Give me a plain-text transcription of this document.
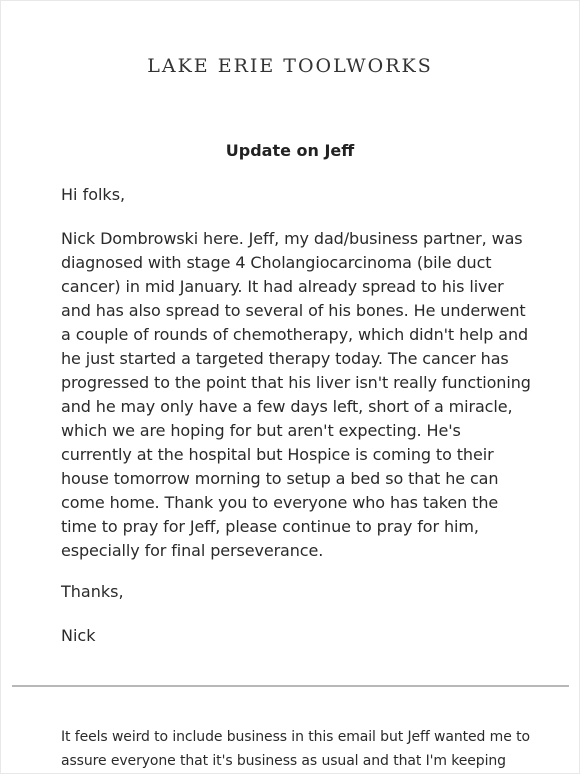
LAKE ERIE TOOLWORKS
Update on Jeff

Hi folks,

Nick Dombrowski here. Jeff, my dad/business partner, was diagnosed with stage 4 Cholangiocarcinoma (bile duct cancer) in mid January. It had already spread to his liver and has also spread to several of his bones. He underwent a couple of rounds of chemotherapy, which didn't help and he just started a targeted therapy today. The cancer has progressed to the point that his liver isn't really functioning and he may only have a few days left, short of a miracle, which we are hoping for but aren't expecting. He's currently at the hospital but Hospice is coming to their house tomorrow morning to setup a bed so that he can come home. Thank you to everyone who has taken the time to pray for Jeff, please continue to pray for him, especially for final perseverance.

Thanks,

Nick

It feels weird to include business in this email but Jeff wanted me to assure everyone that it's business as usual and that I'm keeping
